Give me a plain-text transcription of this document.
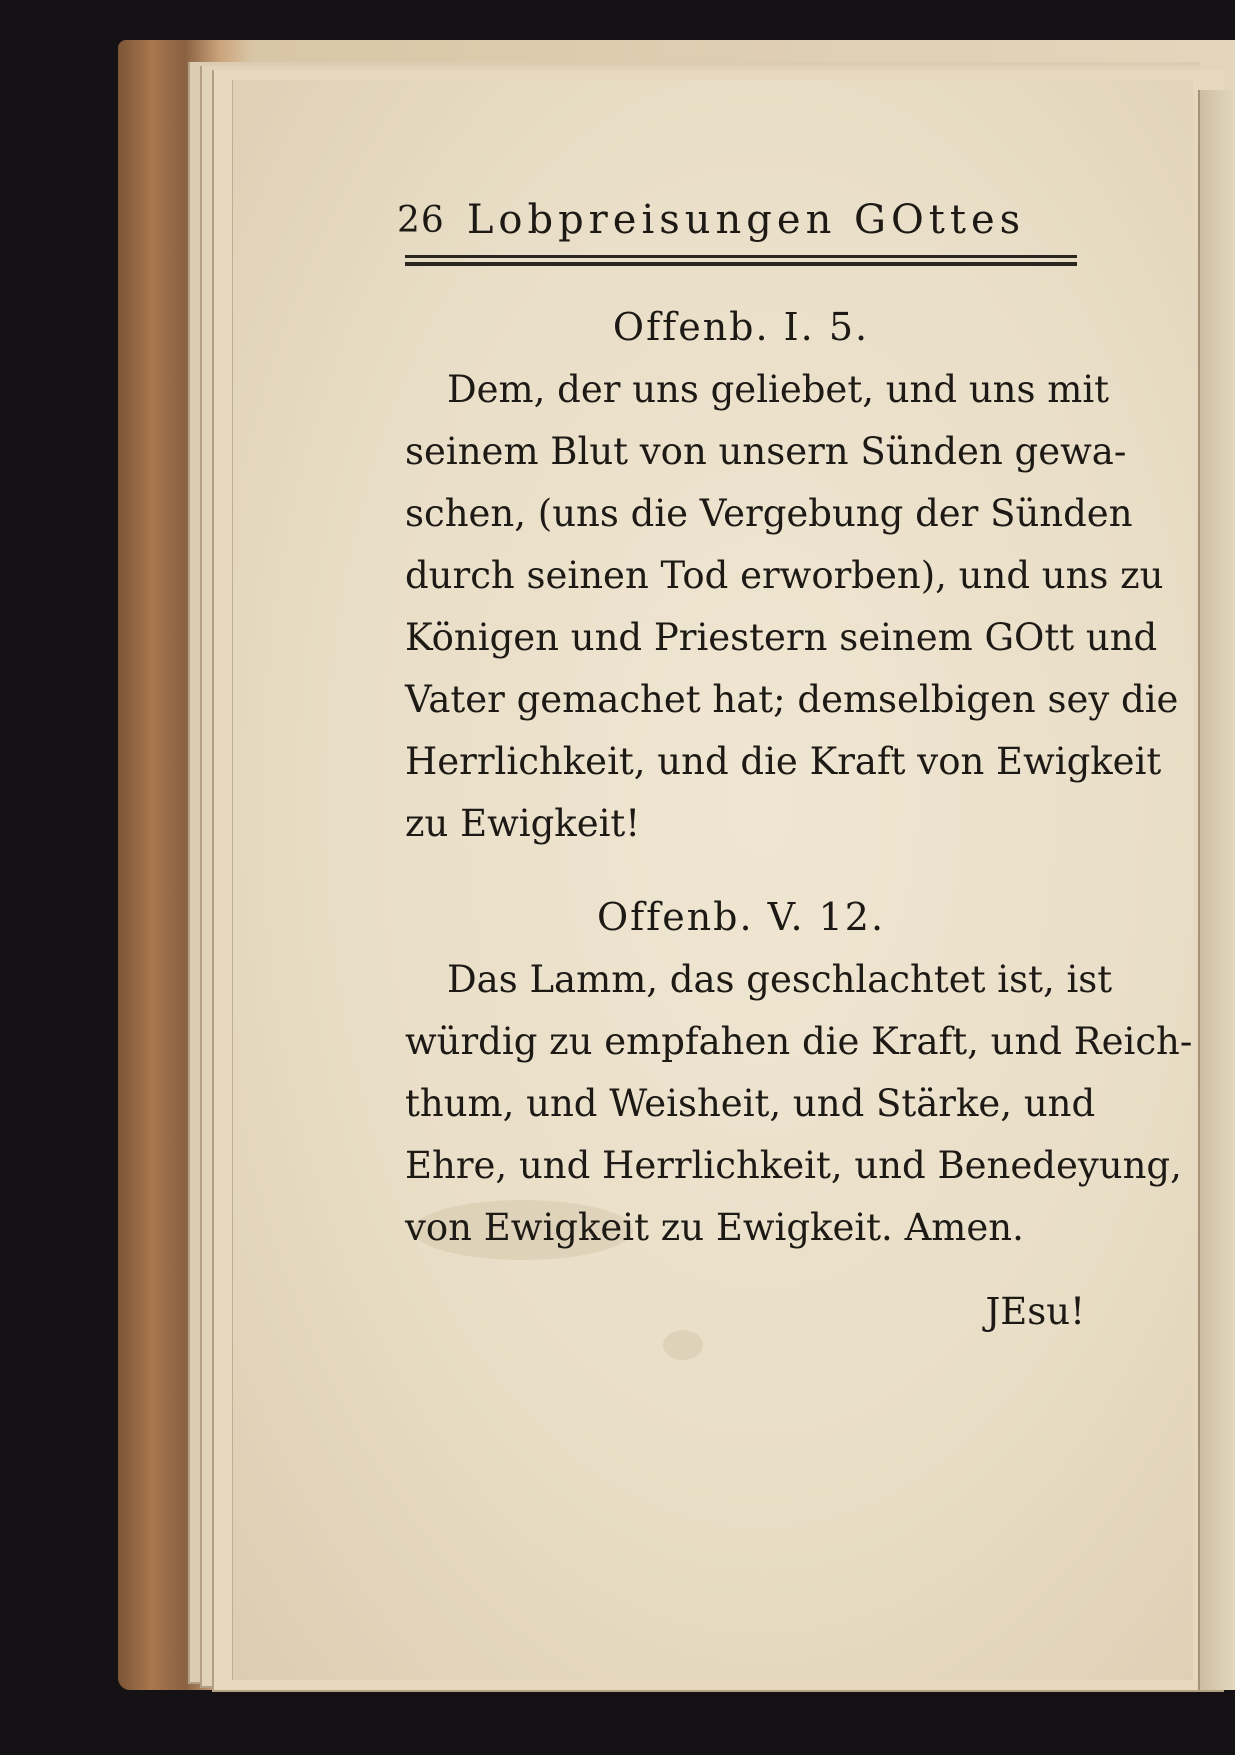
26 Lobpreisungen GOttes
Offenb. I. 5.
Dem, der uns geliebet, und uns mit
seinem Blut von unsern Sünden gewa-
schen, (uns die Vergebung der Sünden
durch seinen Tod erworben), und uns zu
Königen und Priestern seinem GOtt und
Vater gemachet hat; demselbigen sey die
Herrlichkeit, und die Kraft von Ewigkeit
zu Ewigkeit!
Offenb. V. 12.
Das Lamm, das geschlachtet ist, ist
würdig zu empfahen die Kraft, und Reich-
thum, und Weisheit, und Stärke, und
Ehre, und Herrlichkeit, und Benedeyung,
von Ewigkeit zu Ewigkeit. Amen.
JEsu!
